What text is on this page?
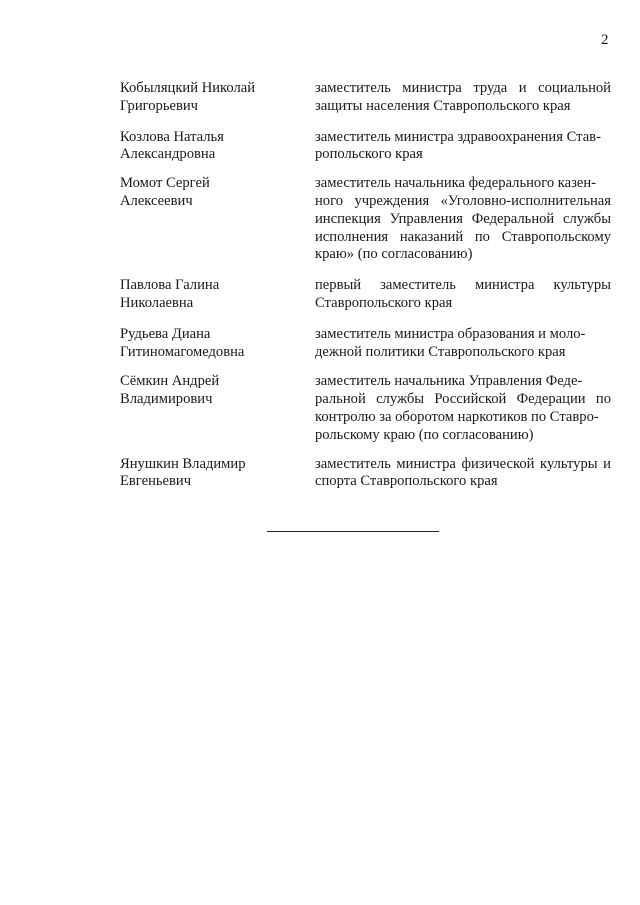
2
Кобыляцкий Николай
Григорьевич
заместитель министра труда и социальной защиты населения Ставропольского края
Козлова Наталья
Александровна
заместитель министра здравоохранения Став-
ропольского края
Момот Сергей
Алексеевич
заместитель начальника федерального казен-
ного учреждения «Уголовно-исполнительная инспекция Управления Федеральной службы исполнения наказаний по Ставропольскому краю» (по согласованию)
Павлова Галина
Николаевна
первый заместитель министра культуры Ставропольского края
Рудьева Диана
Гитиномагомедовна
заместитель министра образования и моло-
дежной политики Ставропольского края
Сёмкин Андрей
Владимирович
заместитель начальника Управления Феде-
ральной службы Российской Федерации по контролю за оборотом наркотиков по Ставро-
pольскому краю (по согласованию)
Янушкин Владимир
Евгеньевич
заместитель министра физической культуры и спорта Ставропольского края
